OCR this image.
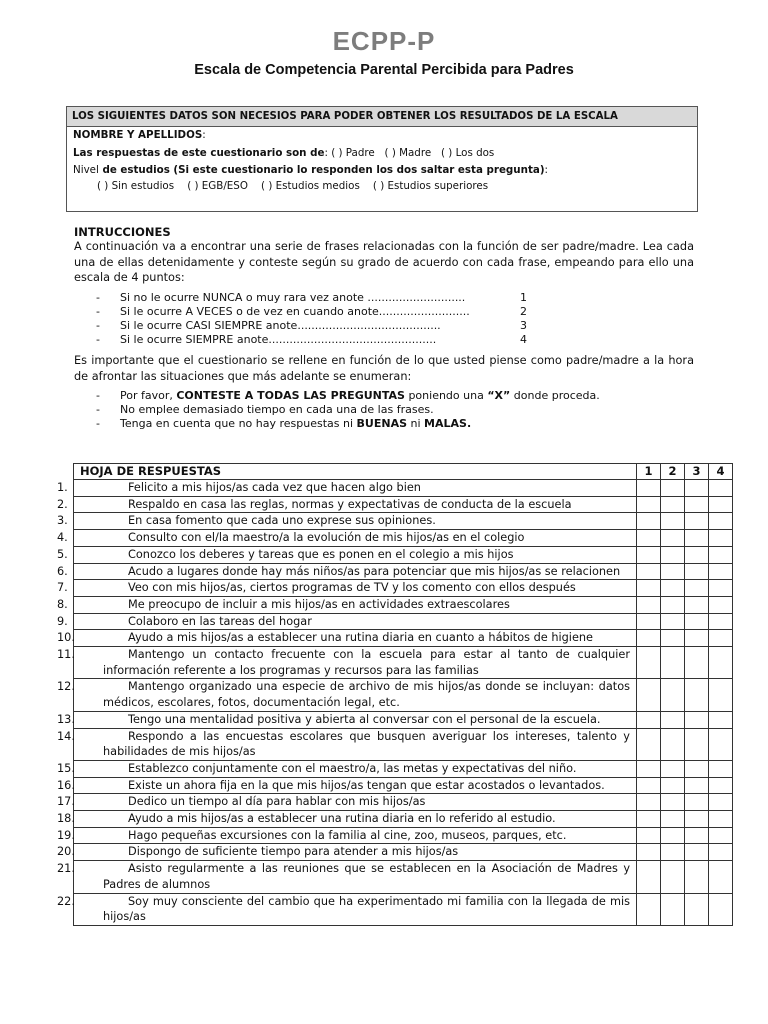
ECPP-P
Escala de Competencia Parental Percibida para Padres
LOS SIGUIENTES DATOS SON NECESIOS PARA PODER OBTENER LOS RESULTADOS DE LA ESCALA
NOMBRE Y APELLIDOS:
Las respuestas de este cuestionario son de: ( ) Padre   ( ) Madre   ( ) Los dos
Nivel de estudios (Si este cuestionario lo responden los dos saltar esta pregunta):
( ) Sin estudios    ( ) EGB/ESO    ( ) Estudios medios    ( ) Estudios superiores
INTRUCCIONES
A continuación va a encontrar una serie de frases relacionadas con la función de ser padre/madre. Lea cada una de ellas detenidamente y conteste según su grado de acuerdo con cada frase, empeando para ello una escala de 4 puntos:
- Si no le ocurre NUNCA o muy rara vez anote ............................	1
- Si le ocurre A VECES o de vez en cuando anote..........................	2
- Si le ocurre CASI SIEMPRE anote.........................................	3
- Si le ocurre SIEMPRE anote................................................	4
Es importante que el cuestionario se rellene en función de lo que usted piense como padre/madre a la hora de afrontar las situaciones que más adelante se enumeran:
- Por favor, CONTESTE A TODAS LAS PREGUNTAS poniendo una “X” donde proceda.
- No emplee demasiado tiempo en cada una de las frases.
- Tenga en cuenta que no hay respuestas ni BUENAS ni MALAS.
HOJA DE RESPUESTAS	1	2	3	4

1. Felicito a mis hijos/as cada vez que hacen algo bien				

2. Respaldo en casa las reglas, normas y expectativas de conducta de la escuela				

3. En casa fomento que cada uno exprese sus opiniones.				

4. Consulto con el/la maestro/a la evolución de mis hijos/as en el colegio				

5. Conozco los deberes y tareas que es ponen en el colegio a mis hijos				

6. Acudo a lugares donde hay más niños/as para potenciar que mis hijos/as se relacionen				

7. Veo con mis hijos/as, ciertos programas de TV y los comento con ellos después				

8. Me preocupo de incluir a mis hijos/as en actividades extraescolares				

9. Colaboro en las tareas del hogar				

10. Ayudo a mis hijos/as a establecer una rutina diaria en cuanto a hábitos de higiene				

11. Mantengo un contacto frecuente con la escuela para estar al tanto de cualquier información referente a los programas y recursos para las familias				

12. Mantengo organizado una especie de archivo de mis hijos/as donde se incluyan: datos médicos, escolares, fotos, documentación legal, etc.				

13. Tengo una mentalidad positiva y abierta al conversar con el personal de la escuela.				

14. Respondo a las encuestas escolares que busquen averiguar los intereses, talento y habilidades de mis hijos/as				

15. Establezco conjuntamente con el maestro/a, las metas y expectativas del niño.				

16. Existe un ahora fija en la que mis hijos/as tengan que estar acostados o levantados.				

17. Dedico un tiempo al día para hablar con mis hijos/as				

18. Ayudo a mis hijos/as a establecer una rutina diaria en lo referido al estudio.				

19. Hago pequeñas excursiones con la familia al cine, zoo, museos, parques, etc.				

20. Dispongo de suficiente tiempo para atender a mis hijos/as				

21. Asisto regularmente a las reuniones que se establecen en la Asociación de Madres y Padres de alumnos				

22. Soy muy consciente del cambio que ha experimentado mi familia con la llegada de mis hijos/as				
